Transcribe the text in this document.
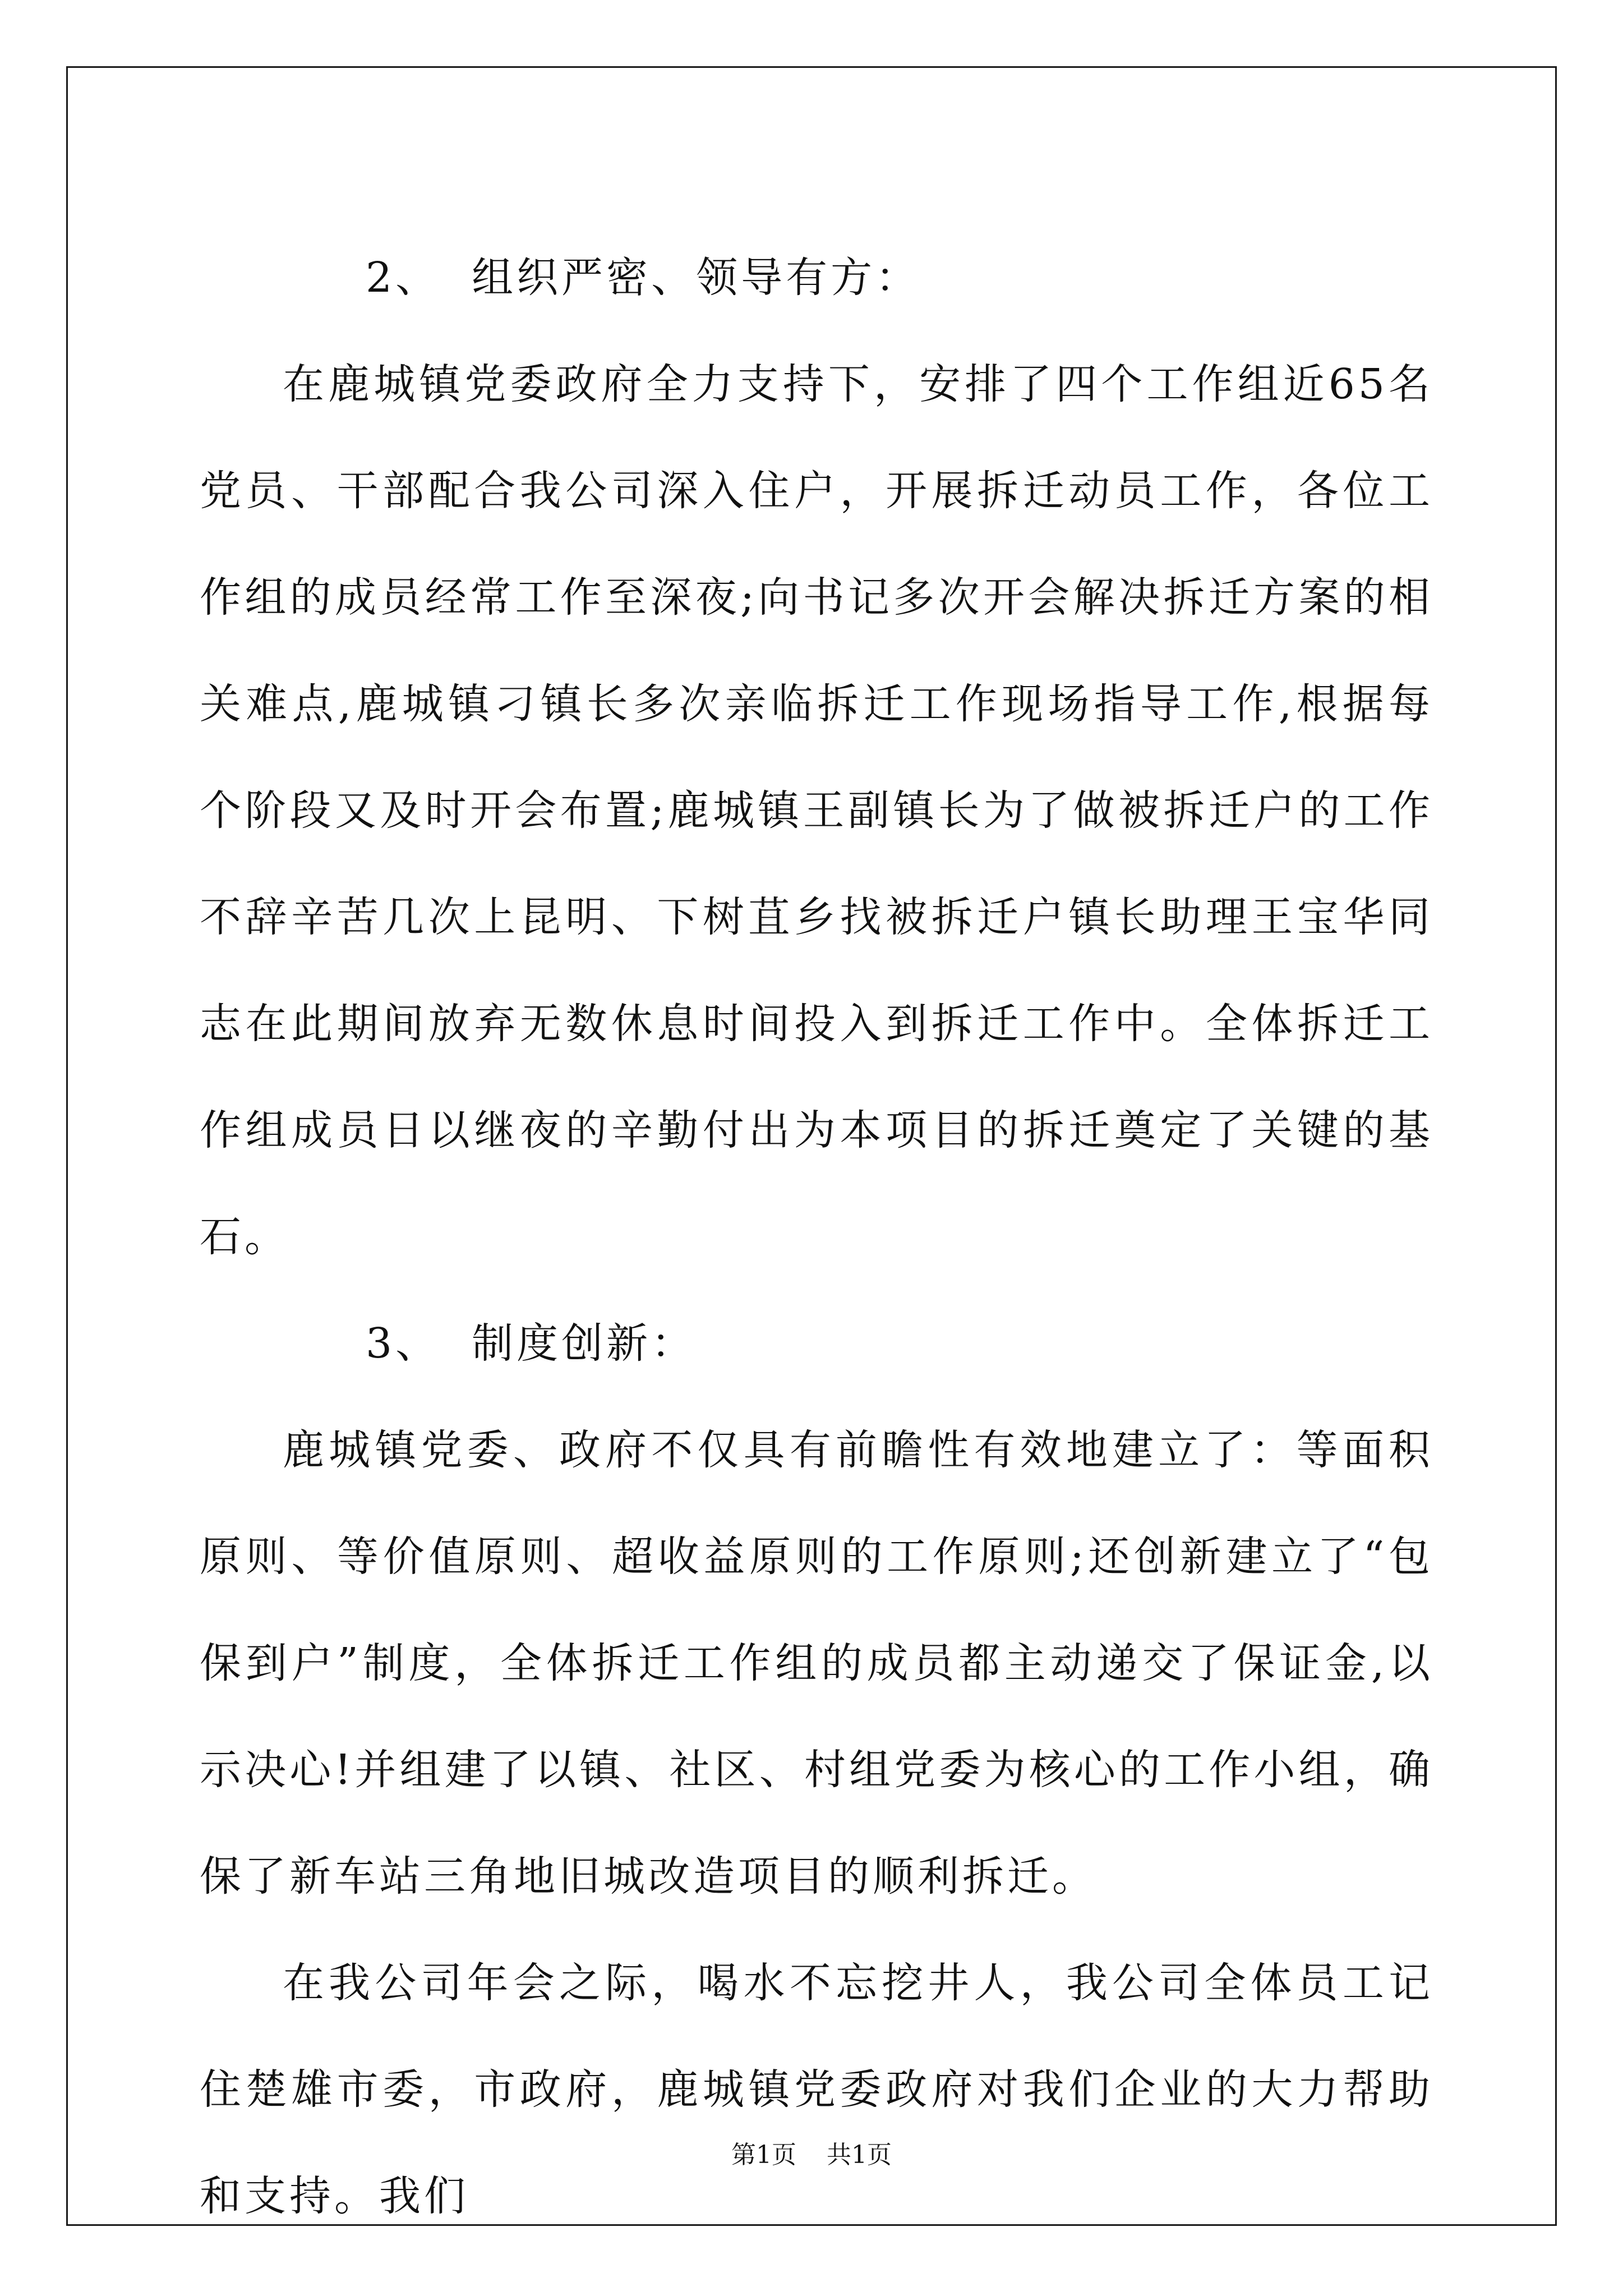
2、 组织严密、领导有方：

在鹿城镇党委政府全力支持下，安排了四个工作组近65名党员、干部配合我公司深入住户，开展拆迁动员工作，各位工作组的成员经常工作至深夜;向书记多次开会解决拆迁方案的相关难点,鹿城镇刁镇长多次亲临拆迁工作现场指导工作,根据每个阶段又及时开会布置;鹿城镇王副镇长为了做被拆迁户的工作不辞辛苦几次上昆明、下树苴乡找被拆迁户镇长助理王宝华同志在此期间放弃无数休息时间投入到拆迁工作中。全体拆迁工作组成员日以继夜的辛勤付出为本项目的拆迁奠定了关键的基石。

3、 制度创新：

鹿城镇党委、政府不仅具有前瞻性有效地建立了：等面积原则、等价值原则、超收益原则的工作原则;还创新建立了“包保到户”制度，全体拆迁工作组的成员都主动递交了保证金,以示决心!并组建了以镇、社区、村组党委为核心的工作小组，确保了新车站三角地旧城改造项目的顺利拆迁。

在我公司年会之际，喝水不忘挖井人，我公司全体员工记住楚雄市委，市政府，鹿城镇党委政府对我们企业的大力帮助和支持。我们

第1页 共1页
